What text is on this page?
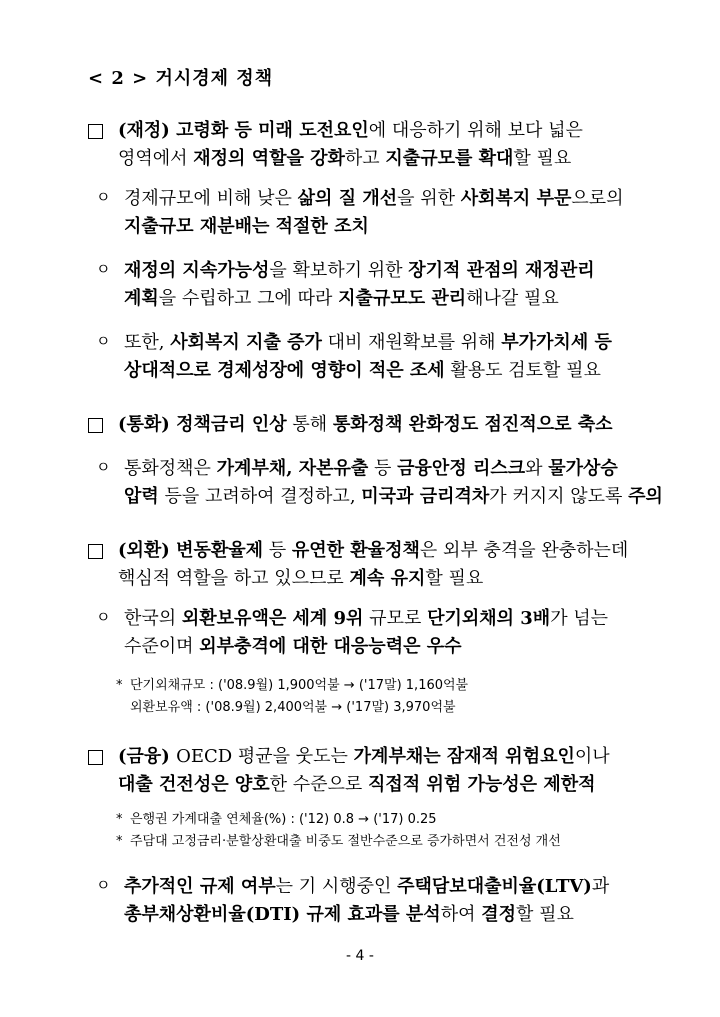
< 2 > 거시경제 정책
(재정) 고령화 등 미래 도전요인에 대응하기 위해 보다 넓은
영역에서 재정의 역할을 강화하고 지출규모를 확대할 필요
ㅇ 경제규모에 비해 낮은 삶의 질 개선을 위한 사회복지 부문으로의
지출규모 재분배는 적절한 조치
ㅇ 재정의 지속가능성을 확보하기 위한 장기적 관점의 재정관리
계획을 수립하고 그에 따라 지출규모도 관리해나갈 필요
ㅇ 또한, 사회복지 지출 증가 대비 재원확보를 위해 부가가치세 등
상대적으로 경제성장에 영향이 적은 조세 활용도 검토할 필요
(통화) 정책금리 인상 통해 통화정책 완화정도 점진적으로 축소
ㅇ 통화정책은 가계부채, 자본유출 등 금융안정 리스크와 물가상승
압력 등을 고려하여 결정하고, 미국과 금리격차가 커지지 않도록 주의
(외환) 변동환율제 등 유연한 환율정책은 외부 충격을 완충하는데
핵심적 역할을 하고 있으므로 계속 유지할 필요
ㅇ 한국의 외환보유액은 세계 9위 규모로 단기외채의 3배가 넘는
수준이며 외부충격에 대한 대응능력은 우수
* 단기외채규모 : ('08.9월) 1,900억불 → ('17말) 1,160억불
외환보유액 : ('08.9월) 2,400억불 → ('17말) 3,970억불
(금융) OECD 평균을 웃도는 가계부채는 잠재적 위험요인이나
대출 건전성은 양호한 수준으로 직접적 위험 가능성은 제한적
ㅇ 추가적인 규제 여부는 기 시행중인 주택담보대출비율(LTV)과
총부채상환비율(DTI) 규제 효과를 분석하여 결정할 필요
* 은행권 가계대출 연체율(%) : ('12) 0.8 → ('17) 0.25
* 주담대 고정금리·분할상환대출 비중도 절반수준으로 증가하면서 건전성 개선
- 4 -
